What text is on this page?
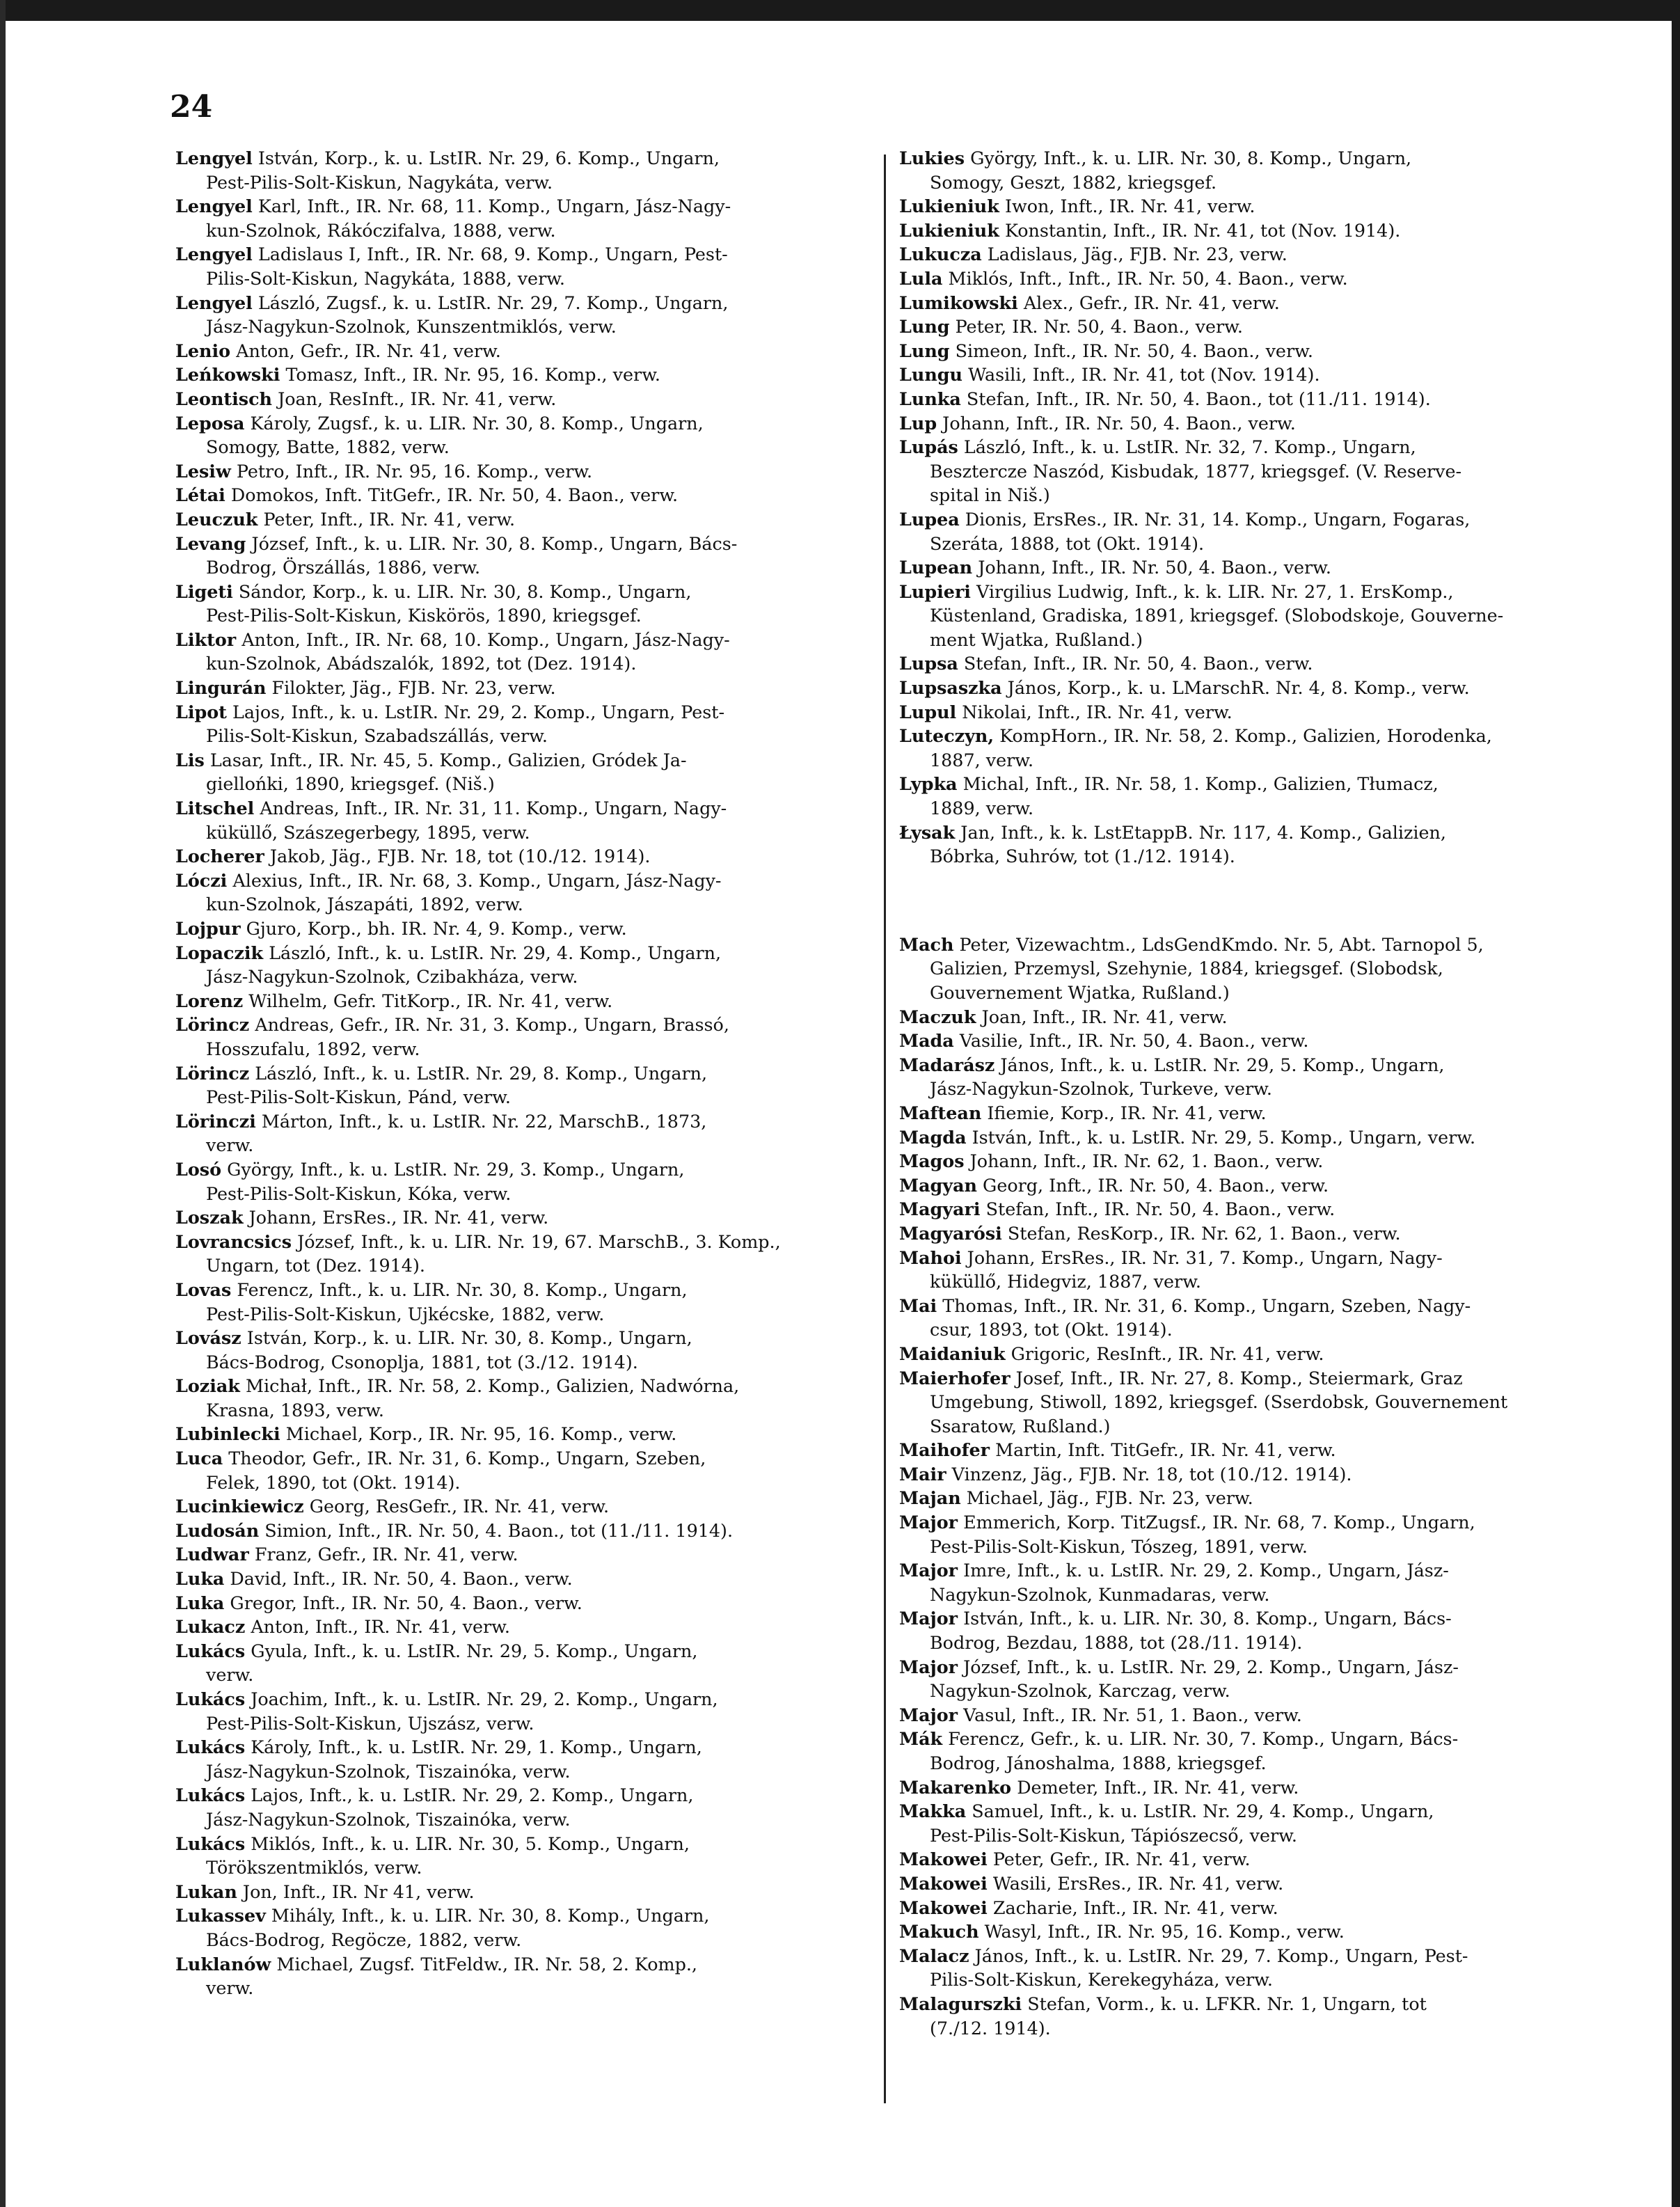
24
Lengyel István, Korp., k. u. LstIR. Nr. 29, 6. Komp., Ungarn,
Pest-Pilis-Solt-Kiskun, Nagykáta, verw.
Lengyel Karl, Inft., IR. Nr. 68, 11. Komp., Ungarn, Jász-Nagy-
kun-Szolnok, Rákóczifalva, 1888, verw.
Lengyel Ladislaus I, Inft., IR. Nr. 68, 9. Komp., Ungarn, Pest-
Pilis-Solt-Kiskun, Nagykáta, 1888, verw.
Lengyel László, Zugsf., k. u. LstIR. Nr. 29, 7. Komp., Ungarn,
Jász-Nagykun-Szolnok, Kunszentmiklós, verw.
Lenio Anton, Gefr., IR. Nr. 41, verw.
Leńkowski Tomasz, Inft., IR. Nr. 95, 16. Komp., verw.
Leontisch Joan, ResInft., IR. Nr. 41, verw.
Leposa Károly, Zugsf., k. u. LIR. Nr. 30, 8. Komp., Ungarn,
Somogy, Batte, 1882, verw.
Lesiw Petro, Inft., IR. Nr. 95, 16. Komp., verw.
Létai Domokos, Inft. TitGefr., IR. Nr. 50, 4. Baon., verw.
Leuczuk Peter, Inft., IR. Nr. 41, verw.
Levang József, Inft., k. u. LIR. Nr. 30, 8. Komp., Ungarn, Bács-
Bodrog, Örszállás, 1886, verw.
Ligeti Sándor, Korp., k. u. LIR. Nr. 30, 8. Komp., Ungarn,
Pest-Pilis-Solt-Kiskun, Kiskörös, 1890, kriegsgef.
Liktor Anton, Inft., IR. Nr. 68, 10. Komp., Ungarn, Jász-Nagy-
kun-Szolnok, Abádszalók, 1892, tot (Dez. 1914).
Lingurán Filokter, Jäg., FJB. Nr. 23, verw.
Lipot Lajos, Inft., k. u. LstIR. Nr. 29, 2. Komp., Ungarn, Pest-
Pilis-Solt-Kiskun, Szabadszállás, verw.
Lis Lasar, Inft., IR. Nr. 45, 5. Komp., Galizien, Gródek Ja-
giellońki, 1890, kriegsgef. (Niš.)
Litschel Andreas, Inft., IR. Nr. 31, 11. Komp., Ungarn, Nagy-
küküllő, Szászegerbegy, 1895, verw.
Locherer Jakob, Jäg., FJB. Nr. 18, tot (10./12. 1914).
Lóczi Alexius, Inft., IR. Nr. 68, 3. Komp., Ungarn, Jász-Nagy-
kun-Szolnok, Jászapáti, 1892, verw.
Lojpur Gjuro, Korp., bh. IR. Nr. 4, 9. Komp., verw.
Lopaczik László, Inft., k. u. LstIR. Nr. 29, 4. Komp., Ungarn,
Jász-Nagykun-Szolnok, Czibakháza, verw.
Lorenz Wilhelm, Gefr. TitKorp., IR. Nr. 41, verw.
Lörincz Andreas, Gefr., IR. Nr. 31, 3. Komp., Ungarn, Brassó,
Hosszufalu, 1892, verw.
Lörincz László, Inft., k. u. LstIR. Nr. 29, 8. Komp., Ungarn,
Pest-Pilis-Solt-Kiskun, Pánd, verw.
Lörinczi Márton, Inft., k. u. LstIR. Nr. 22, MarschB., 1873,
verw.
Losó György, Inft., k. u. LstIR. Nr. 29, 3. Komp., Ungarn,
Pest-Pilis-Solt-Kiskun, Kóka, verw.
Loszak Johann, ErsRes., IR. Nr. 41, verw.
Lovrancsics József, Inft., k. u. LIR. Nr. 19, 67. MarschB., 3. Komp.,
Ungarn, tot (Dez. 1914).
Lovas Ferencz, Inft., k. u. LIR. Nr. 30, 8. Komp., Ungarn,
Pest-Pilis-Solt-Kiskun, Ujkécske, 1882, verw.
Lovász István, Korp., k. u. LIR. Nr. 30, 8. Komp., Ungarn,
Bács-Bodrog, Csonoplja, 1881, tot (3./12. 1914).
Loziak Michał, Inft., IR. Nr. 58, 2. Komp., Galizien, Nadwórna,
Krasna, 1893, verw.
Lubinlecki Michael, Korp., IR. Nr. 95, 16. Komp., verw.
Luca Theodor, Gefr., IR. Nr. 31, 6. Komp., Ungarn, Szeben,
Felek, 1890, tot (Okt. 1914).
Lucinkiewicz Georg, ResGefr., IR. Nr. 41, verw.
Ludosán Simion, Inft., IR. Nr. 50, 4. Baon., tot (11./11. 1914).
Ludwar Franz, Gefr., IR. Nr. 41, verw.
Luka David, Inft., IR. Nr. 50, 4. Baon., verw.
Luka Gregor, Inft., IR. Nr. 50, 4. Baon., verw.
Lukacz Anton, Inft., IR. Nr. 41, verw.
Lukács Gyula, Inft., k. u. LstIR. Nr. 29, 5. Komp., Ungarn,
verw.
Lukács Joachim, Inft., k. u. LstIR. Nr. 29, 2. Komp., Ungarn,
Pest-Pilis-Solt-Kiskun, Ujszász, verw.
Lukács Károly, Inft., k. u. LstIR. Nr. 29, 1. Komp., Ungarn,
Jász-Nagykun-Szolnok, Tiszainóka, verw.
Lukács Lajos, Inft., k. u. LstIR. Nr. 29, 2. Komp., Ungarn,
Jász-Nagykun-Szolnok, Tiszainóka, verw.
Lukács Miklós, Inft., k. u. LIR. Nr. 30, 5. Komp., Ungarn,
Törökszentmiklós, verw.
Lukan Jon, Inft., IR. Nr 41, verw.
Lukassev Mihály, Inft., k. u. LIR. Nr. 30, 8. Komp., Ungarn,
Bács-Bodrog, Regöcze, 1882, verw.
Luklanów Michael, Zugsf. TitFeldw., IR. Nr. 58, 2. Komp.,
verw.
Lukies György, Inft., k. u. LIR. Nr. 30, 8. Komp., Ungarn,
Somogy, Geszt, 1882, kriegsgef.
Lukieniuk Iwon, Inft., IR. Nr. 41, verw.
Lukieniuk Konstantin, Inft., IR. Nr. 41, tot (Nov. 1914).
Lukucza Ladislaus, Jäg., FJB. Nr. 23, verw.
Lula Miklós, Inft., Inft., IR. Nr. 50, 4. Baon., verw.
Lumikowski Alex., Gefr., IR. Nr. 41, verw.
Lung Peter, IR. Nr. 50, 4. Baon., verw.
Lung Simeon, Inft., IR. Nr. 50, 4. Baon., verw.
Lungu Wasili, Inft., IR. Nr. 41, tot (Nov. 1914).
Lunka Stefan, Inft., IR. Nr. 50, 4. Baon., tot (11./11. 1914).
Lup Johann, Inft., IR. Nr. 50, 4. Baon., verw.
Lupás László, Inft., k. u. LstIR. Nr. 32, 7. Komp., Ungarn,
Besztercze Naszód, Kisbudak, 1877, kriegsgef. (V. Reserve-
spital in Niš.)
Lupea Dionis, ErsRes., IR. Nr. 31, 14. Komp., Ungarn, Fogaras,
Szeráta, 1888, tot (Okt. 1914).
Lupean Johann, Inft., IR. Nr. 50, 4. Baon., verw.
Lupieri Virgilius Ludwig, Inft., k. k. LIR. Nr. 27, 1. ErsKomp.,
Küstenland, Gradiska, 1891, kriegsgef. (Slobodskoje, Gouverne-
ment Wjatka, Rußland.)
Lupsa Stefan, Inft., IR. Nr. 50, 4. Baon., verw.
Lupsaszka János, Korp., k. u. LMarschR. Nr. 4, 8. Komp., verw.
Lupul Nikolai, Inft., IR. Nr. 41, verw.
Luteczyn, KompHorn., IR. Nr. 58, 2. Komp., Galizien, Horodenka,
1887, verw.
Lypka Michal, Inft., IR. Nr. 58, 1. Komp., Galizien, Tłumacz,
1889, verw.
Łysak Jan, Inft., k. k. LstEtappB. Nr. 117, 4. Komp., Galizien,
Bóbrka, Suhrów, tot (1./12. 1914).
Mach Peter, Vizewachtm., LdsGendKmdo. Nr. 5, Abt. Tarnopol 5,
Galizien, Przemysl, Szehynie, 1884, kriegsgef. (Slobodsk,
Gouvernement Wjatka, Rußland.)
Maczuk Joan, Inft., IR. Nr. 41, verw.
Mada Vasilie, Inft., IR. Nr. 50, 4. Baon., verw.
Madarász János, Inft., k. u. LstIR. Nr. 29, 5. Komp., Ungarn,
Jász-Nagykun-Szolnok, Turkeve, verw.
Maftean Ifiemie, Korp., IR. Nr. 41, verw.
Magda István, Inft., k. u. LstIR. Nr. 29, 5. Komp., Ungarn, verw.
Magos Johann, Inft., IR. Nr. 62, 1. Baon., verw.
Magyan Georg, Inft., IR. Nr. 50, 4. Baon., verw.
Magyari Stefan, Inft., IR. Nr. 50, 4. Baon., verw.
Magyarósi Stefan, ResKorp., IR. Nr. 62, 1. Baon., verw.
Mahoi Johann, ErsRes., IR. Nr. 31, 7. Komp., Ungarn, Nagy-
küküllő, Hidegviz, 1887, verw.
Mai Thomas, Inft., IR. Nr. 31, 6. Komp., Ungarn, Szeben, Nagy-
csur, 1893, tot (Okt. 1914).
Maidaniuk Grigoric, ResInft., IR. Nr. 41, verw.
Maierhofer Josef, Inft., IR. Nr. 27, 8. Komp., Steiermark, Graz
Umgebung, Stiwoll, 1892, kriegsgef. (Sserdobsk, Gouvernement
Ssaratow, Rußland.)
Maihofer Martin, Inft. TitGefr., IR. Nr. 41, verw.
Mair Vinzenz, Jäg., FJB. Nr. 18, tot (10./12. 1914).
Majan Michael, Jäg., FJB. Nr. 23, verw.
Major Emmerich, Korp. TitZugsf., IR. Nr. 68, 7. Komp., Ungarn,
Pest-Pilis-Solt-Kiskun, Tószeg, 1891, verw.
Major Imre, Inft., k. u. LstIR. Nr. 29, 2. Komp., Ungarn, Jász-
Nagykun-Szolnok, Kunmadaras, verw.
Major István, Inft., k. u. LIR. Nr. 30, 8. Komp., Ungarn, Bács-
Bodrog, Bezdau, 1888, tot (28./11. 1914).
Major József, Inft., k. u. LstIR. Nr. 29, 2. Komp., Ungarn, Jász-
Nagykun-Szolnok, Karczag, verw.
Major Vasul, Inft., IR. Nr. 51, 1. Baon., verw.
Mák Ferencz, Gefr., k. u. LIR. Nr. 30, 7. Komp., Ungarn, Bács-
Bodrog, Jánoshalma, 1888, kriegsgef.
Makarenko Demeter, Inft., IR. Nr. 41, verw.
Makka Samuel, Inft., k. u. LstIR. Nr. 29, 4. Komp., Ungarn,
Pest-Pilis-Solt-Kiskun, Tápiószecső, verw.
Makowei Peter, Gefr., IR. Nr. 41, verw.
Makowei Wasili, ErsRes., IR. Nr. 41, verw.
Makowei Zacharie, Inft., IR. Nr. 41, verw.
Makuch Wasyl, Inft., IR. Nr. 95, 16. Komp., verw.
Malacz János, Inft., k. u. LstIR. Nr. 29, 7. Komp., Ungarn, Pest-
Pilis-Solt-Kiskun, Kerekegyháza, verw.
Malagurszki Stefan, Vorm., k. u. LFKR. Nr. 1, Ungarn, tot
(7./12. 1914).
